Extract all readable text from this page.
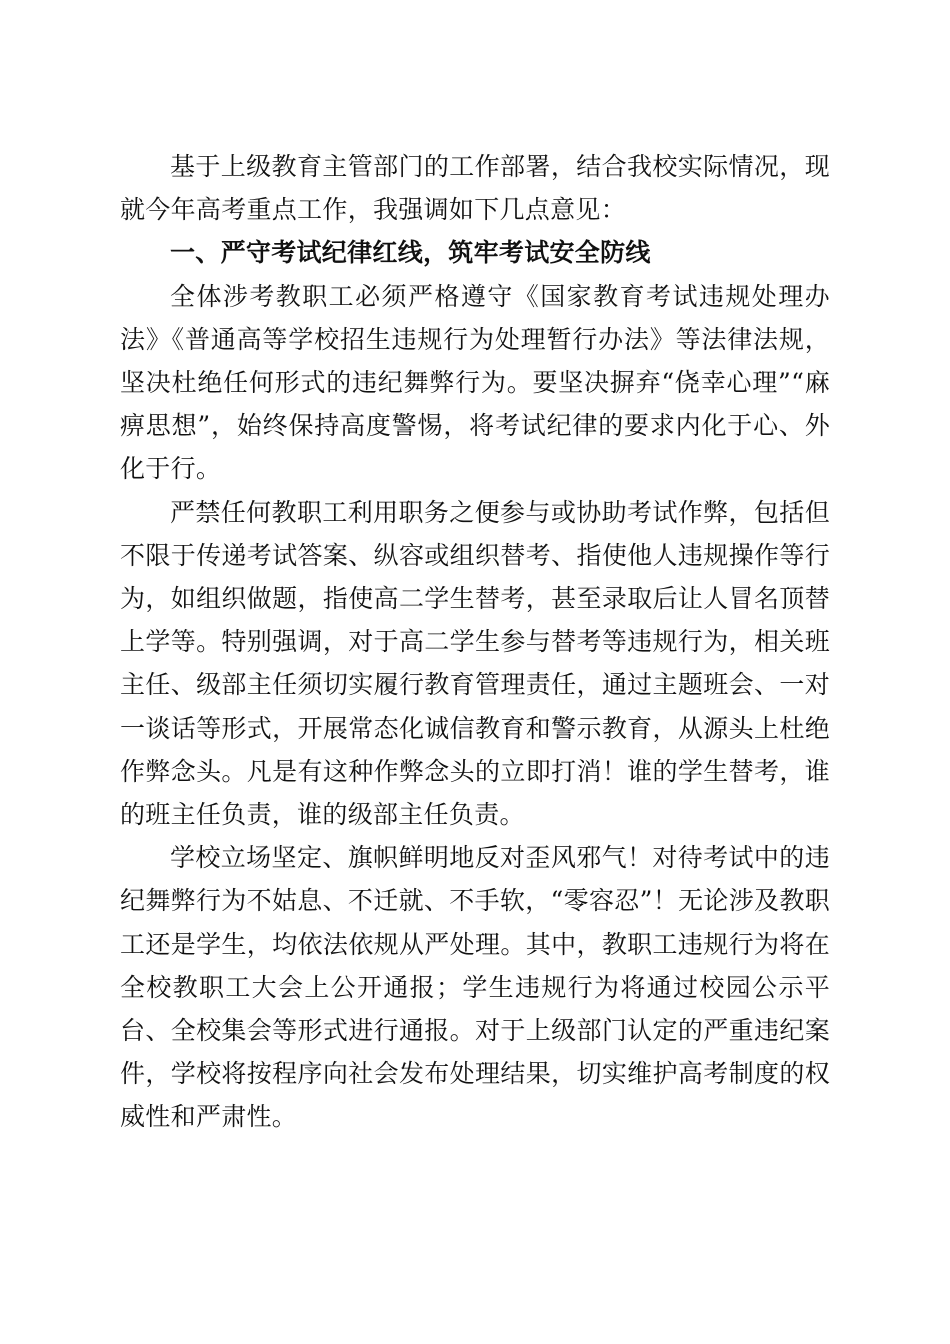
基于上级教育主管部门的工作部署，结合我校实际情况，现就今年高考重点工作，我强调如下几点意见：

一、严守考试纪律红线，筑牢考试安全防线

全体涉考教职工必须严格遵守《国家教育考试违规处理办法》《普通高等学校招生违规行为处理暂行办法》等法律法规，坚决杜绝任何形式的违纪舞弊行为。要坚决摒弃“侥幸心理”“麻痹思想”，始终保持高度警惕，将考试纪律的要求内化于心、外化于行。

严禁任何教职工利用职务之便参与或协助考试作弊，包括但不限于传递考试答案、纵容或组织替考、指使他人违规操作等行为，如组织做题，指使高二学生替考，甚至录取后让人冒名顶替上学等。特别强调，对于高二学生参与替考等违规行为，相关班主任、级部主任须切实履行教育管理责任，通过主题班会、一对一谈话等形式，开展常态化诚信教育和警示教育，从源头上杜绝作弊念头。凡是有这种作弊念头的立即打消！谁的学生替考，谁的班主任负责，谁的级部主任负责。

学校立场坚定、旗帜鲜明地反对歪风邪气！对待考试中的违纪舞弊行为不姑息、不迁就、不手软，“零容忍”！无论涉及教职工还是学生，均依法依规从严处理。其中，教职工违规行为将在全校教职工大会上公开通报；学生违规行为将通过校园公示平台、全校集会等形式进行通报。对于上级部门认定的严重违纪案件，学校将按程序向社会发布处理结果，切实维护高考制度的权威性和严肃性。
